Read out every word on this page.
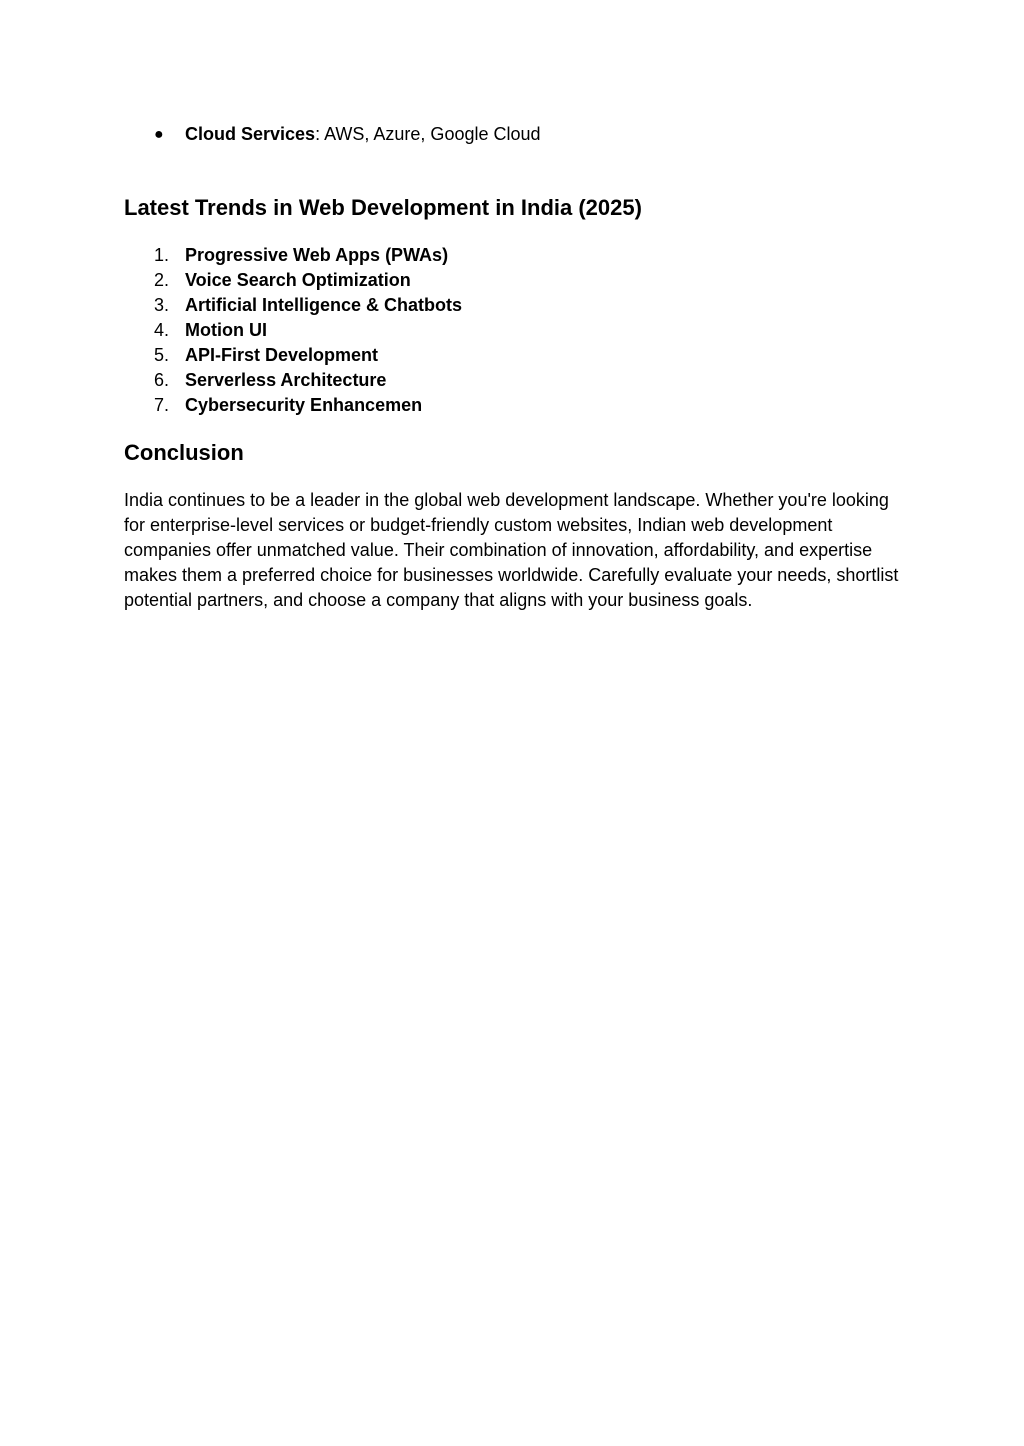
● Cloud Services: AWS, Azure, Google Cloud
Latest Trends in Web Development in India (2025)
1. Progressive Web Apps (PWAs)
2. Voice Search Optimization
3. Artificial Intelligence & Chatbots
4. Motion UI
5. API-First Development
6. Serverless Architecture
7. Cybersecurity Enhancemen
Conclusion

India continues to be a leader in the global web development landscape. Whether you're looking for enterprise-level services or budget-friendly custom websites, Indian web development companies offer unmatched value. Their combination of innovation, affordability, and expertise makes them a preferred choice for businesses worldwide. Carefully evaluate your needs, shortlist potential partners, and choose a company that aligns with your business goals.
